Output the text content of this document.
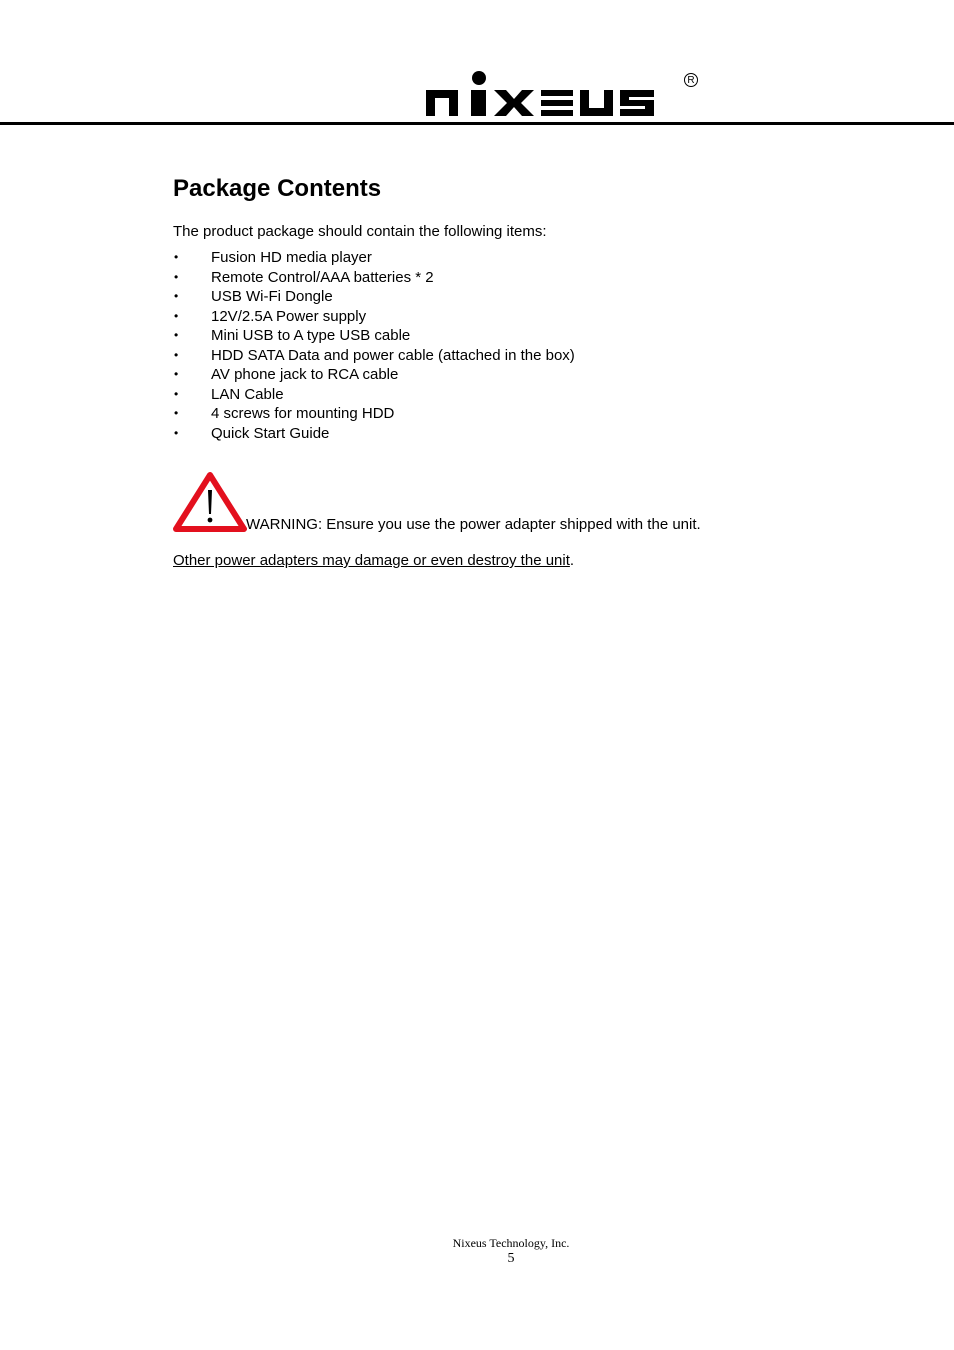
R
Package Contents

The product package should contain the following items:

• Fusion HD media player
• Remote Control/AAA batteries * 2
• USB Wi-Fi Dongle
• 12V/2.5A Power supply
• Mini USB to A type USB cable
• HDD SATA Data and power cable (attached in the box)
• AV phone jack to RCA cable
• LAN Cable
• 4 screws for mounting HDD
• Quick Start Guide

WARNING: Ensure you use the power adapter shipped with the unit.

Other power adapters may damage or even destroy the unit.

Nixeus Technology, Inc.
5
